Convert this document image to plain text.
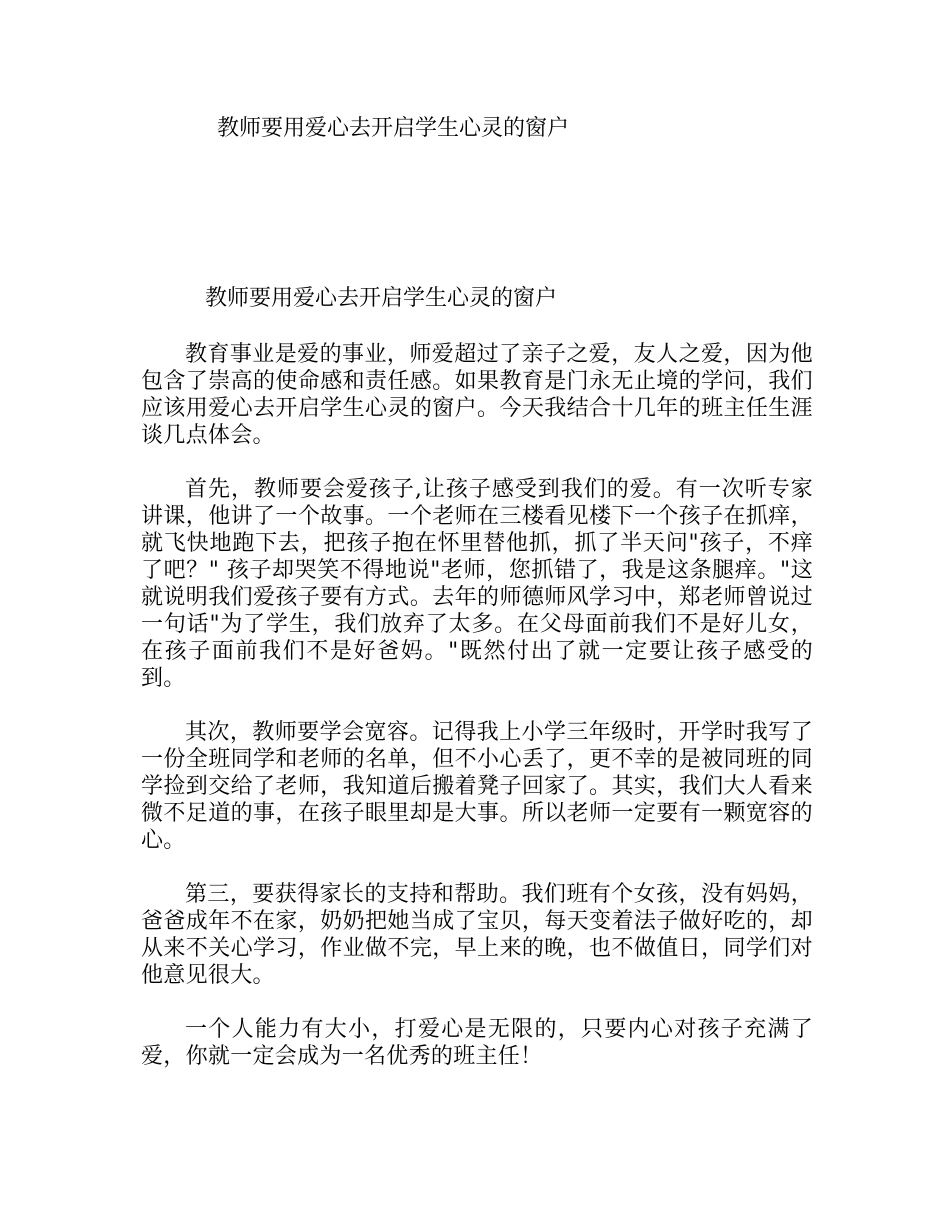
教师要用爱心去开启学生心灵的窗户
教师要用爱心去开启学生心灵的窗户

教育事业是爱的事业，师爱超过了亲子之爱，友人之爱，因为他包含了崇高的使命感和责任感。如果教育是门永无止境的学问，我们应该用爱心去开启学生心灵的窗户。今天我结合十几年的班主任生涯谈几点体会。

首先，教师要会爱孩子,让孩子感受到我们的爱。有一次听专家讲课，他讲了一个故事。一个老师在三楼看见楼下一个孩子在抓痒，就飞快地跑下去，把孩子抱在怀里替他抓，抓了半天问"孩子，不痒了吧？" 孩子却哭笑不得地说"老师，您抓错了，我是这条腿痒。"这就说明我们爱孩子要有方式。去年的师德师风学习中，郑老师曾说过一句话"为了学生，我们放弃了太多。在父母面前我们不是好儿女，在孩子面前我们不是好爸妈。"既然付出了就一定要让孩子感受的到。

其次，教师要学会宽容。记得我上小学三年级时，开学时我写了一份全班同学和老师的名单，但不小心丢了，更不幸的是被同班的同学捡到交给了老师，我知道后搬着凳子回家了。其实，我们大人看来微不足道的事，在孩子眼里却是大事。所以老师一定要有一颗宽容的心。

第三，要获得家长的支持和帮助。我们班有个女孩，没有妈妈，爸爸成年不在家，奶奶把她当成了宝贝，每天变着法子做好吃的，却从来不关心学习，作业做不完，早上来的晚，也不做值日，同学们对他意见很大。

一个人能力有大小，打爱心是无限的，只要内心对孩子充满了爱，你就一定会成为一名优秀的班主任！
